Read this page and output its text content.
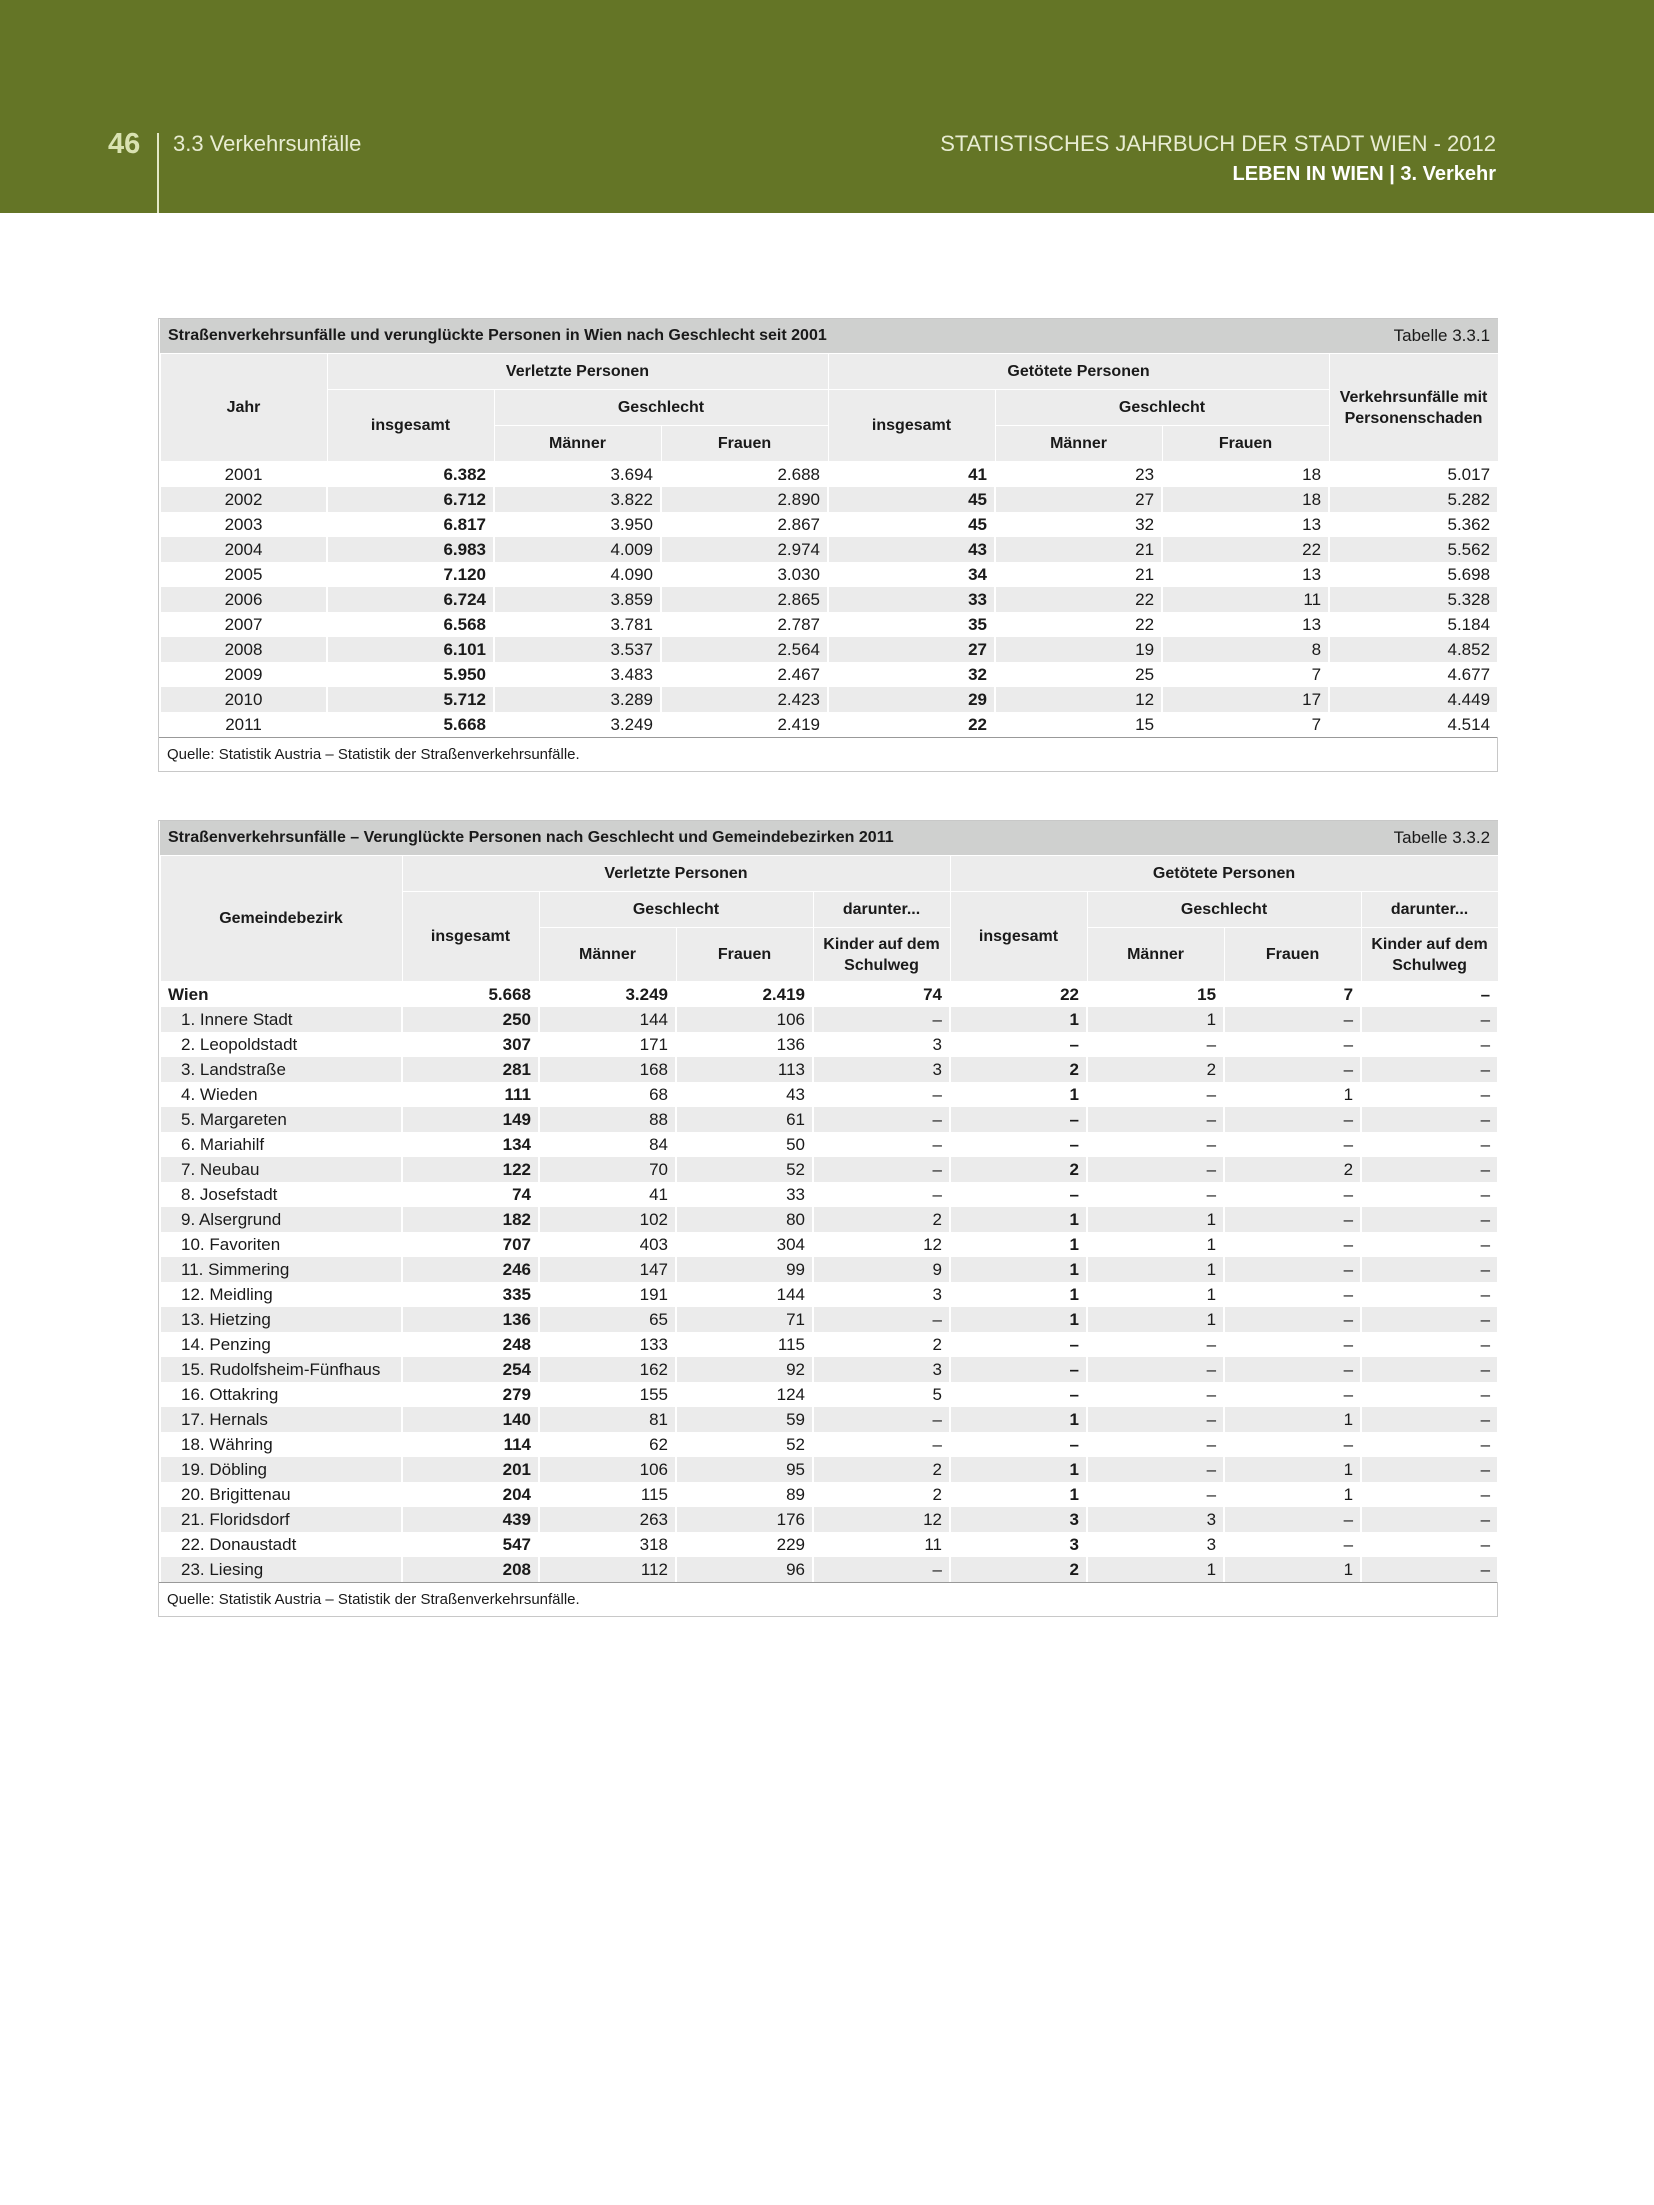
46 3.3 Verkehrsunfälle	STATISTISCHES JAHRBUCH DER STADT WIEN - 2012
LEBEN IN WIEN | 3. Verkehr
Straßenverkehrsunfälle und verunglückte Personen in Wien nach Geschlecht seit 2001						Tabelle 3.3.1	
Jahr	Verletzte Personen			Getötete Personen			Verkehrsunfälle mit Personenschaden
	insgesamt	Geschlecht		insgesamt	Geschlecht		
		Männer	Frauen		Männer	Frauen	
2001	6.382	3.694	2.688	41	23	18	5.017
2002	6.712	3.822	2.890	45	27	18	5.282
2003	6.817	3.950	2.867	45	32	13	5.362
2004	6.983	4.009	2.974	43	21	22	5.562
2005	7.120	4.090	3.030	34	21	13	5.698
2006	6.724	3.859	2.865	33	22	11	5.328
2007	6.568	3.781	2.787	35	22	13	5.184
2008	6.101	3.537	2.564	27	19	8	4.852
2009	5.950	3.483	2.467	32	25	7	4.677
2010	5.712	3.289	2.423	29	12	17	4.449
2011	5.668	3.249	2.419	22	15	7	4.514
Quelle: Statistik Austria – Statistik der Straßenverkehrsunfälle.
Straßenverkehrsunfälle – Verunglückte Personen nach Geschlecht und Gemeindebezirken 2011							Tabelle 3.3.2	
Gemeindebezirk	Verletzte Personen				Getötete Personen			
	insgesamt	Geschlecht		darunter...	insgesamt	Geschlecht		darunter...
		Männer	Frauen	Kinder auf dem Schulweg		Männer	Frauen	Kinder auf dem Schulweg
Wien	5.668	3.249	2.419	74	22	15	7	–
1. Innere Stadt	250	144	106	–	1	1	–	–
2. Leopoldstadt	307	171	136	3	–	–	–	–
3. Landstraße	281	168	113	3	2	2	–	–
4. Wieden	111	68	43	–	1	–	1	–
5. Margareten	149	88	61	–	–	–	–	–
6. Mariahilf	134	84	50	–	–	–	–	–
7. Neubau	122	70	52	–	2	–	2	–
8. Josefstadt	74	41	33	–	–	–	–	–
9. Alsergrund	182	102	80	2	1	1	–	–
10. Favoriten	707	403	304	12	1	1	–	–
11. Simmering	246	147	99	9	1	1	–	–
12. Meidling	335	191	144	3	1	1	–	–
13. Hietzing	136	65	71	–	1	1	–	–
14. Penzing	248	133	115	2	–	–	–	–
15. Rudolfsheim-Fünfhaus	254	162	92	3	–	–	–	–
16. Ottakring	279	155	124	5	–	–	–	–
17. Hernals	140	81	59	–	1	–	1	–
18. Währing	114	62	52	–	–	–	–	–
19. Döbling	201	106	95	2	1	–	1	–
20. Brigittenau	204	115	89	2	1	–	1	–
21. Floridsdorf	439	263	176	12	3	3	–	–
22. Donaustadt	547	318	229	11	3	3	–	–
23. Liesing	208	112	96	–	2	1	1	–
Quelle: Statistik Austria – Statistik der Straßenverkehrsunfälle.
